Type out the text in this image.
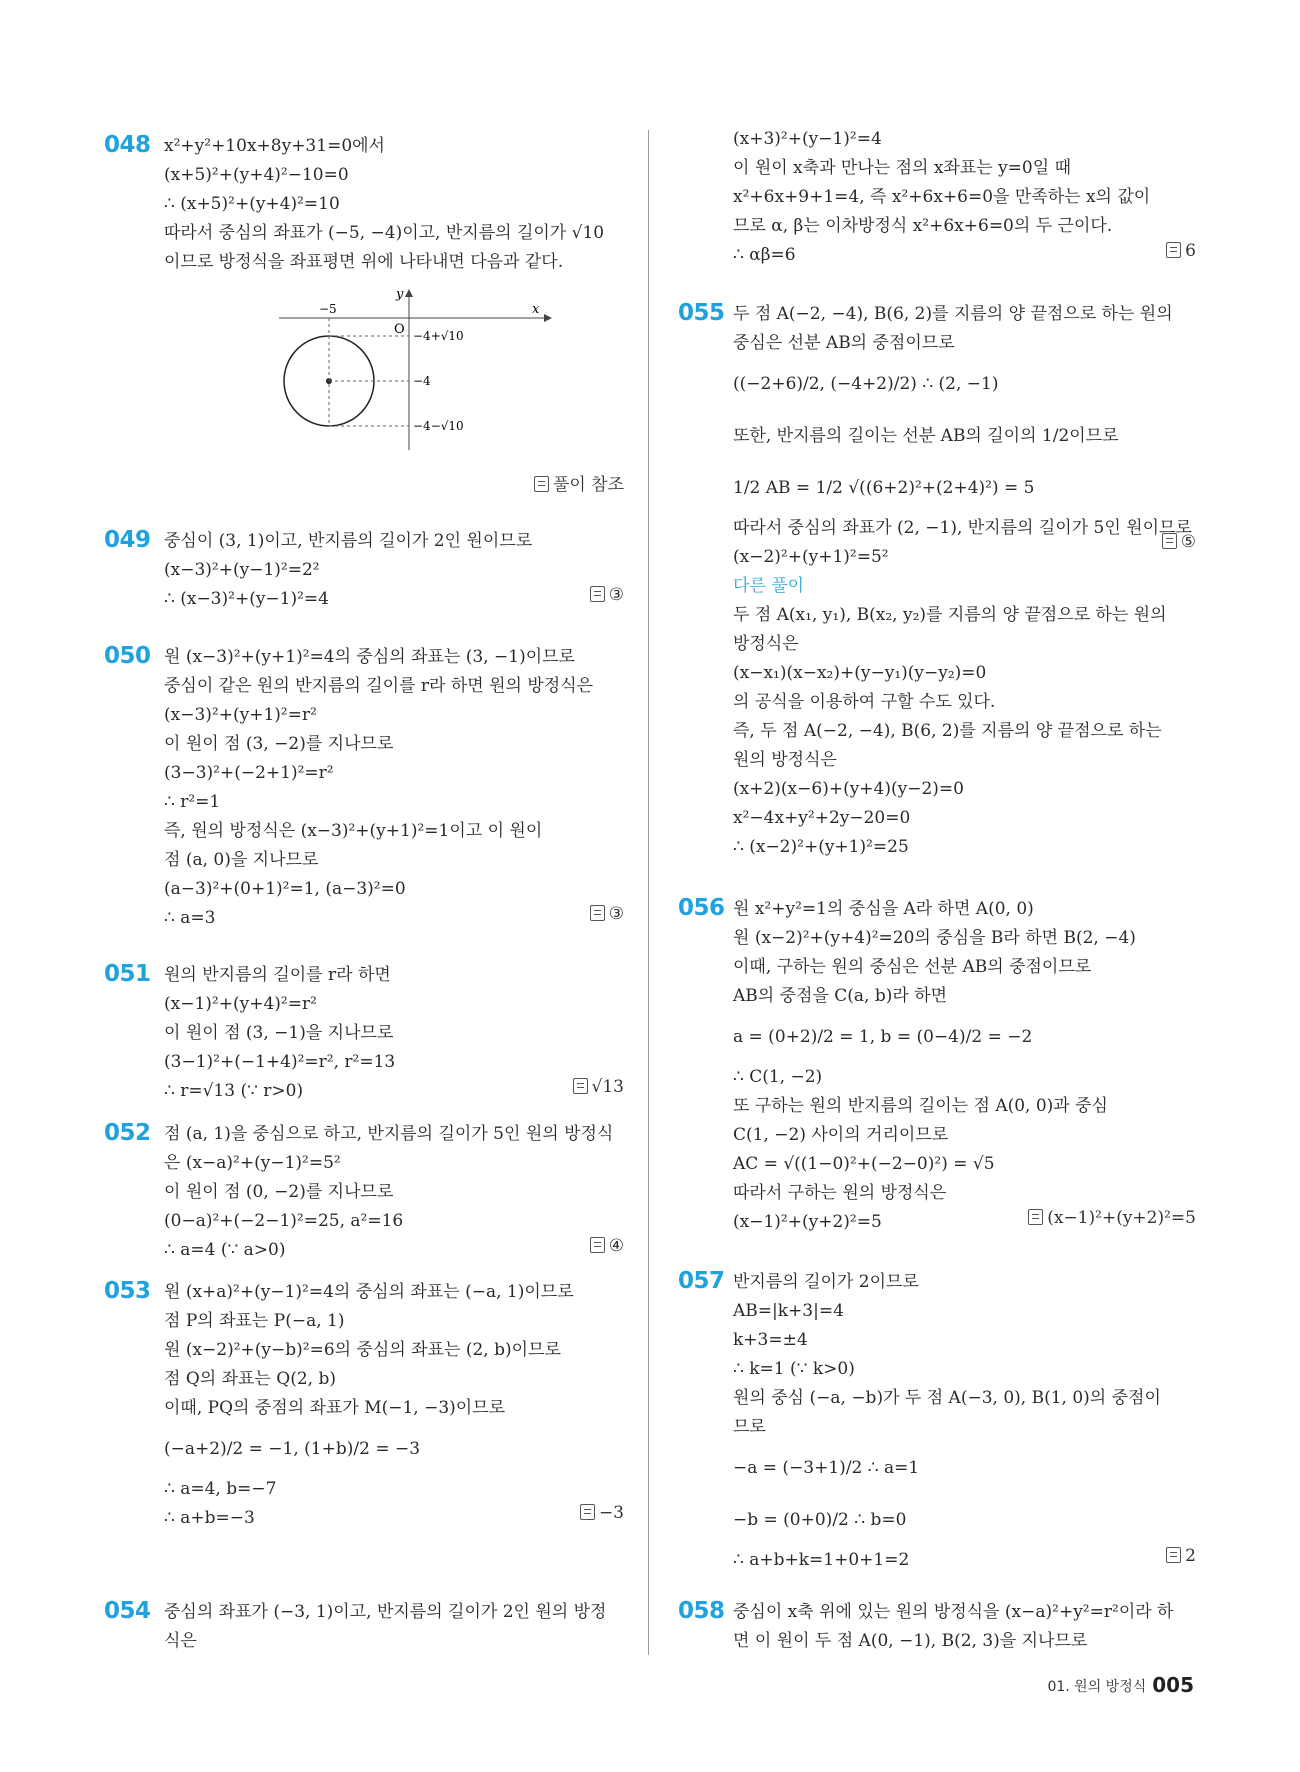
048 x²+y²+10x+8y+31=0에서
(x+5)²+(y+4)²−10=0
∴ (x+5)²+(y+4)²=10
따라서 중심의 좌표가 (−5, −4)이고, 반지름의 길이가 √10
이므로 방정식을 좌표평면 위에 나타내면 다음과 같다.
풀이 참조
y
x
O
−5
−4+√10
−4
−4−√10
049 중심이 (3, 1)이고, 반지름의 길이가 2인 원이므로
(x−3)²+(y−1)²=2²
∴ (x−3)²+(y−1)²=4	③
050 원 (x−3)²+(y+1)²=4의 중심의 좌표는 (3, −1)이므로
중심이 같은 원의 반지름의 길이를 r라 하면 원의 방정식은
(x−3)²+(y+1)²=r²
이 원이 점 (3, −2)를 지나므로
(3−3)²+(−2+1)²=r²
∴ r²=1
즉, 원의 방정식은 (x−3)²+(y+1)²=1이고 이 원이
점 (a, 0)을 지나므로
(a−3)²+(0+1)²=1, (a−3)²=0
∴ a=3	③
051 원의 반지름의 길이를 r라 하면
(x−1)²+(y+4)²=r²
이 원이 점 (3, −1)을 지나므로
(3−1)²+(−1+4)²=r², r²=13
∴ r=√13 (∵ r>0)	√13
052 점 (a, 1)을 중심으로 하고, 반지름의 길이가 5인 원의 방정식
은 (x−a)²+(y−1)²=5²
이 원이 점 (0, −2)를 지나므로
(0−a)²+(−2−1)²=25, a²=16
∴ a=4 (∵ a>0)	④
053 원 (x+a)²+(y−1)²=4의 중심의 좌표는 (−a, 1)이므로
점 P의 좌표는 P(−a, 1)
원 (x−2)²+(y−b)²=6의 중심의 좌표는 (2, b)이므로
점 Q의 좌표는 Q(2, b)
이때, PQ의 중점의 좌표가 M(−1, −3)이므로
(−a+2)/2 = −1, (1+b)/2 = −3
∴ a=4, b=−7
∴ a+b=−3	−3
054 중심의 좌표가 (−3, 1)이고, 반지름의 길이가 2인 원의 방정
식은
(x+3)²+(y−1)²=4
이 원이 x축과 만나는 점의 x좌표는 y=0일 때
x²+6x+9+1=4, 즉 x²+6x+6=0을 만족하는 x의 값이
므로 α, β는 이차방정식 x²+6x+6=0의 두 근이다.
∴ αβ=6	6
055 두 점 A(−2, −4), B(6, 2)를 지름의 양 끝점으로 하는 원의
중심은 선분 AB의 중점이므로
((−2+6)/2, (−4+2)/2) ∴ (2, −1)
또한, 반지름의 길이는 선분 AB의 길이의 1/2이므로
1/2 AB = 1/2 √((6+2)²+(2+4)²) = 5
따라서 중심의 좌표가 (2, −1), 반지름의 길이가 5인 원이므로
(x−2)²+(y+1)²=5²
다른 풀이
두 점 A(x₁, y₁), B(x₂, y₂)를 지름의 양 끝점으로 하는 원의
방정식은
(x−x₁)(x−x₂)+(y−y₁)(y−y₂)=0
의 공식을 이용하여 구할 수도 있다.
즉, 두 점 A(−2, −4), B(6, 2)를 지름의 양 끝점으로 하는
원의 방정식은
(x+2)(x−6)+(y+4)(y−2)=0
x²−4x+y²+2y−20=0
∴ (x−2)²+(y+1)²=25
⑤
056 원 x²+y²=1의 중심을 A라 하면 A(0, 0)
원 (x−2)²+(y+4)²=20의 중심을 B라 하면 B(2, −4)
이때, 구하는 원의 중심은 선분 AB의 중점이므로
AB의 중점을 C(a, b)라 하면
a = (0+2)/2 = 1, b = (0−4)/2 = −2
∴ C(1, −2)
또 구하는 원의 반지름의 길이는 점 A(0, 0)과 중심
C(1, −2) 사이의 거리이므로
AC = √((1−0)²+(−2−0)²) = √5
따라서 구하는 원의 방정식은
(x−1)²+(y+2)²=5	(x−1)²+(y+2)²=5
057 반지름의 길이가 2이므로
AB=|k+3|=4
k+3=±4
∴ k=1 (∵ k>0)
원의 중심 (−a, −b)가 두 점 A(−3, 0), B(1, 0)의 중점이
므로
−a = (−3+1)/2 ∴ a=1
−b = (0+0)/2 ∴ b=0
∴ a+b+k=1+0+1=2	2
058 중심이 x축 위에 있는 원의 방정식을 (x−a)²+y²=r²이라 하
면 이 원이 두 점 A(0, −1), B(2, 3)을 지나므로
01. 원의 방정식 005
